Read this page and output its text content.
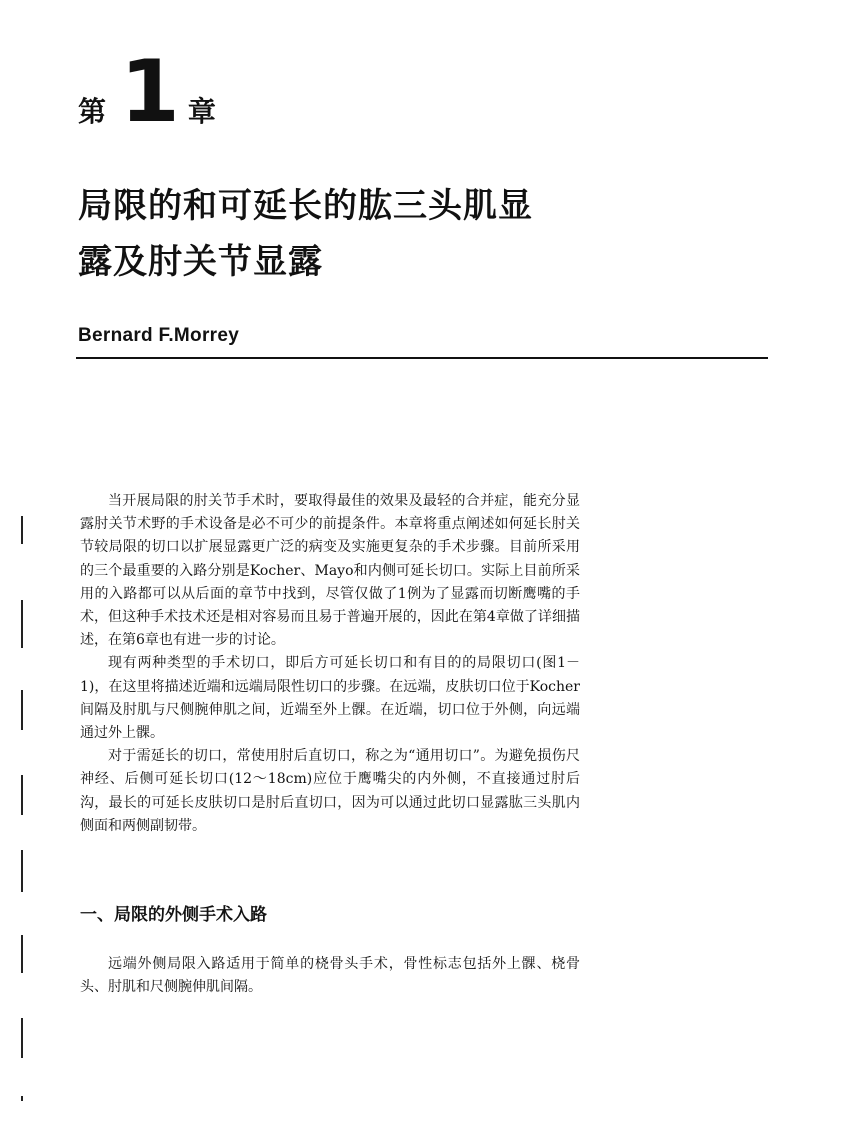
第 1 章
局限的和可延长的肱三头肌显
露及肘关节显露
Bernard F.Morrey

当开展局限的肘关节手术时，要取得最佳的效果及最轻的合并症，能充分显露肘关节术野的手术设备是必不可少的前提条件。本章将重点阐述如何延长肘关节较局限的切口以扩展显露更广泛的病变及实施更复杂的手术步骤。目前所采用的三个最重要的入路分别是Kocher、Mayo和内侧可延长切口。实际上目前所采用的入路都可以从后面的章节中找到，尽管仅做了1例为了显露而切断鹰嘴的手术，但这种手术技术还是相对容易而且易于普遍开展的，因此在第4章做了详细描述，在第6章也有进一步的讨论。

现有两种类型的手术切口，即后方可延长切口和有目的的局限切口(图1－1)，在这里将描述近端和远端局限性切口的步骤。在远端，皮肤切口位于Kocher间隔及肘肌与尺侧腕伸肌之间，近端至外上髁。在近端，切口位于外侧，向远端通过外上髁。

对于需延长的切口，常使用肘后直切口，称之为“通用切口”。为避免损伤尺神经、后侧可延长切口(12～18cm)应位于鹰嘴尖的内外侧，不直接通过肘后沟，最长的可延长皮肤切口是肘后直切口，因为可以通过此切口显露肱三头肌内侧面和两侧副韧带。

一、局限的外侧手术入路

远端外侧局限入路适用于简单的桡骨头手术，骨性标志包括外上髁、桡骨头、肘肌和尺侧腕伸肌间隔。
